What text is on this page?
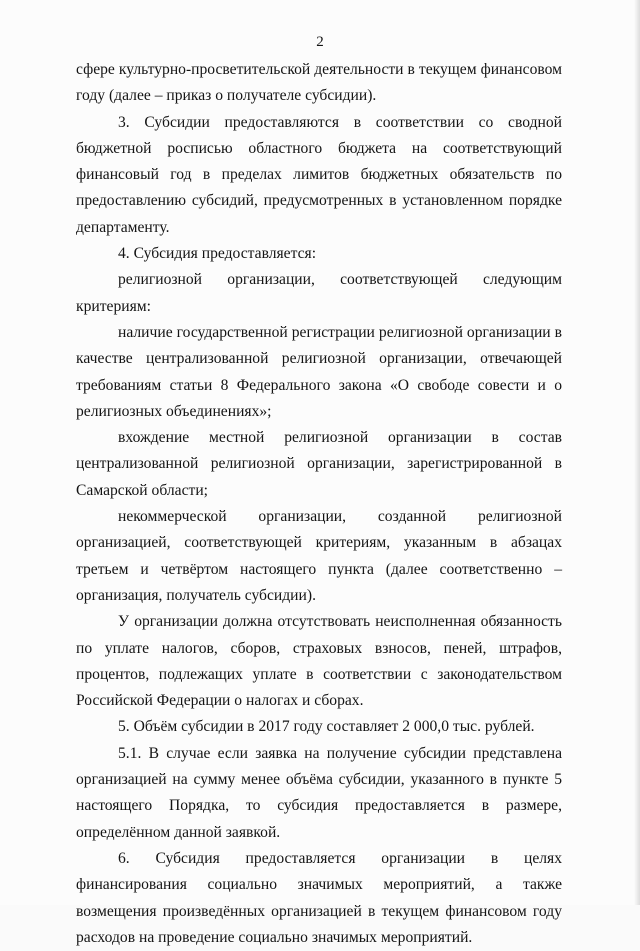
2

сфере культурно-просветительской деятельности в текущем финансовом году (далее – приказ о получателе субсидии).

3. Субсидии предоставляются в соответствии со сводной бюджетной росписью областного бюджета на соответствующий финансовый год в пределах лимитов бюджетных обязательств по предоставлению субсидий, предусмотренных в установленном порядке департаменту.

4. Субсидия предоставляется:

религиозной организации, соответствующей следующим критериям:

наличие государственной регистрации религиозной организации в качестве централизованной религиозной организации, отвечающей требованиям статьи 8 Федерального закона «О свободе совести и о религиозных объединениях»;

вхождение местной религиозной организации в состав централизованной религиозной организации, зарегистрированной в Самарской области;

некоммерческой организации, созданной религиозной организацией, соответствующей критериям, указанным в абзацах третьем и четвёртом настоящего пункта (далее соответственно – организация, получатель субсидии).

У организации должна отсутствовать неисполненная обязанность по уплате налогов, сборов, страховых взносов, пеней, штрафов, процентов, подлежащих уплате в соответствии с законодательством Российской Федерации о налогах и сборах.

5. Объём субсидии в 2017 году составляет 2 000,0 тыс. рублей.

5.1. В случае если заявка на получение субсидии представлена организацией на сумму менее объёма субсидии, указанного в пункте 5 настоящего Порядка, то субсидия предоставляется в размере, определённом данной заявкой.

6. Субсидия предоставляется организации в целях финансирования социально значимых мероприятий, а также возмещения произведённых организацией в текущем финансовом году расходов на проведение социально значимых мероприятий.
